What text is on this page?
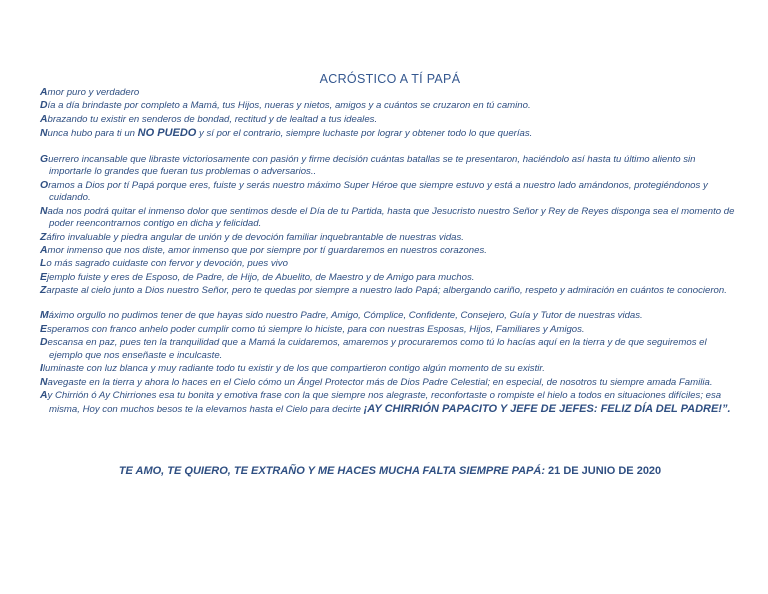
ACRÓSTICO A TÍ PAPÁ
Amor puro y verdadero
Día a día brindaste por completo a Mamá, tus Hijos, nueras y nietos, amigos y a cuántos se cruzaron en tú camino.
Abrazando tu existir en senderos de bondad, rectitud y de lealtad a tus ideales.
Nunca hubo para ti un NO PUEDO y sí por el contrario, siempre luchaste por lograr y obtener todo lo que querías.
Guerrero incansable que libraste victoriosamente con pasión y firme decisión cuántas batallas se te presentaron, haciéndolo así hasta tu último aliento sin importarle lo grandes que fueran tus problemas o adversarios..
Oramos a Dios por tí Papá porque eres, fuiste y serás nuestro máximo Super Héroe que siempre estuvo y está a nuestro lado amándonos, protegiéndonos y cuidando.
Nada nos podrá quitar el inmenso dolor que sentimos desde el Día de tu Partida, hasta que Jesucristo nuestro Señor y Rey de Reyes disponga sea el momento de poder reencontrarnos contigo en dicha y felicidad.
Záfiro invaluable y piedra angular de unión y de devoción familiar inquebrantable de nuestras vidas.
Amor inmenso que nos diste, amor inmenso que por siempre por tí guardaremos en nuestros corazones.
Lo más sagrado cuidaste con fervor y devoción, pues vivo
Ejemplo fuiste y eres de Esposo, de Padre, de Hijo, de Abuelito, de Maestro y de Amigo para muchos.
Zarpaste al cielo junto a Dios nuestro Señor, pero te quedas por siempre a nuestro lado Papá; albergando cariño, respeto y admiración en cuántos te conocieron.
Máximo orgullo no pudimos tener de que hayas sido nuestro Padre, Amigo, Cómplice, Confidente, Consejero, Guía y Tutor de nuestras vidas.
Esperamos con franco anhelo poder cumplir como tú siempre lo hiciste, para con nuestras Esposas, Hijos, Familiares y Amigos.
Descansa en paz, pues ten la tranquilidad que a Mamá la cuidaremos, amaremos y procuraremos como tú lo hacías aquí en la tierra y de que seguiremos el ejemplo que nos enseñaste e inculcaste.
Iluminaste con luz blanca y muy radiante todo tu existir y de los que compartieron contigo algún momento de su existir.
Navegaste en la tierra y ahora lo haces en el Cielo cómo un Ángel Protector más de Dios Padre Celestial; en especial, de nosotros tu siempre amada Familia.
Ay Chirrión ó Ay Chirriones esa tu bonita y emotiva frase con la que siempre nos alegraste, reconfortaste o rompiste el hielo a todos en situaciones difíciles; esa misma, Hoy con muchos besos te la elevamos hasta el Cielo para decirte ¡AY CHIRRIÓN PAPACITO Y JEFE DE JEFES: FELIZ DÍA DEL PADRE!”.
TE AMO, TE QUIERO, TE EXTRAÑO Y ME HACES MUCHA FALTA SIEMPRE PAPÁ: 21 DE JUNIO DE 2020
